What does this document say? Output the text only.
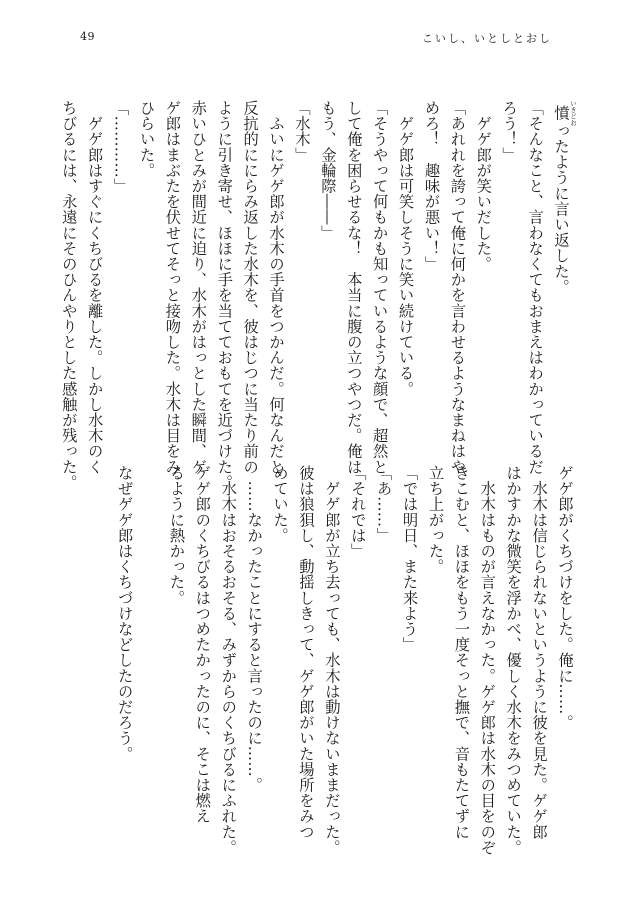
49	こいし、いとしとおし
憤 いきどおったように言い返した。
「そんなこと、言わなくてもおまえはわかっているだ
ろう！」
　ゲゲ郎が笑いだした。
「あれれを誇って俺に何かを言わせるようなまねはや
めろ！　趣味が悪い！」
　ゲゲ郎は可笑しそうに笑い続けている。
「そうやって何もかも知っているような顔で、超然と
して俺を困らせるな！　本当に腹の立つやつだ。俺は
もう、金輪際――」
「水木」
　ふいにゲゲ郎が水木の手首をつかんだ。何なんだと
反抗的ににらみ返した水木を、彼はじつに当たり前の
ように引き寄せ、ほほに手を当てておもてを近づけた。
赤いひとみが間近に迫り、水木がはっとした瞬間、ゲ
ゲ郎はまぶたを伏せてそっと接吻した。水木は目をみ
ひらいた。
「…………」
　ゲゲ郎はすぐにくちびるを離した。しかし水木のく
ちびるには、永遠にそのひんやりとした感触が残った。
ゲゲ郎がくちづけをした。俺に……。
　水木は信じられないというように彼を見た。ゲゲ郎
はかすかな微笑を浮かべ、優しく水木をみつめていた。
　水木はものが言えなかった。ゲゲ郎は水木の目をのぞ
きこむと、ほほをもう一度そっと撫で、音もたてずに
立ち上がった。
「では明日、また来よう」
「あ……」
「それでは」
　ゲゲ郎が立ち去っても、水木は動けないままだった。
彼は狼狽し、動揺しきって、ゲゲ郎がいた場所をみつ
めていた。
　……なかったことにすると言ったのに……。
　水木はおそるおそる、みずからのくちびるにふれた。
ゲゲ郎のくちびるはつめたかったのに、そこは燃え
るように熱かった。

なぜゲゲ郎はくちづけなどしたのだろう。
